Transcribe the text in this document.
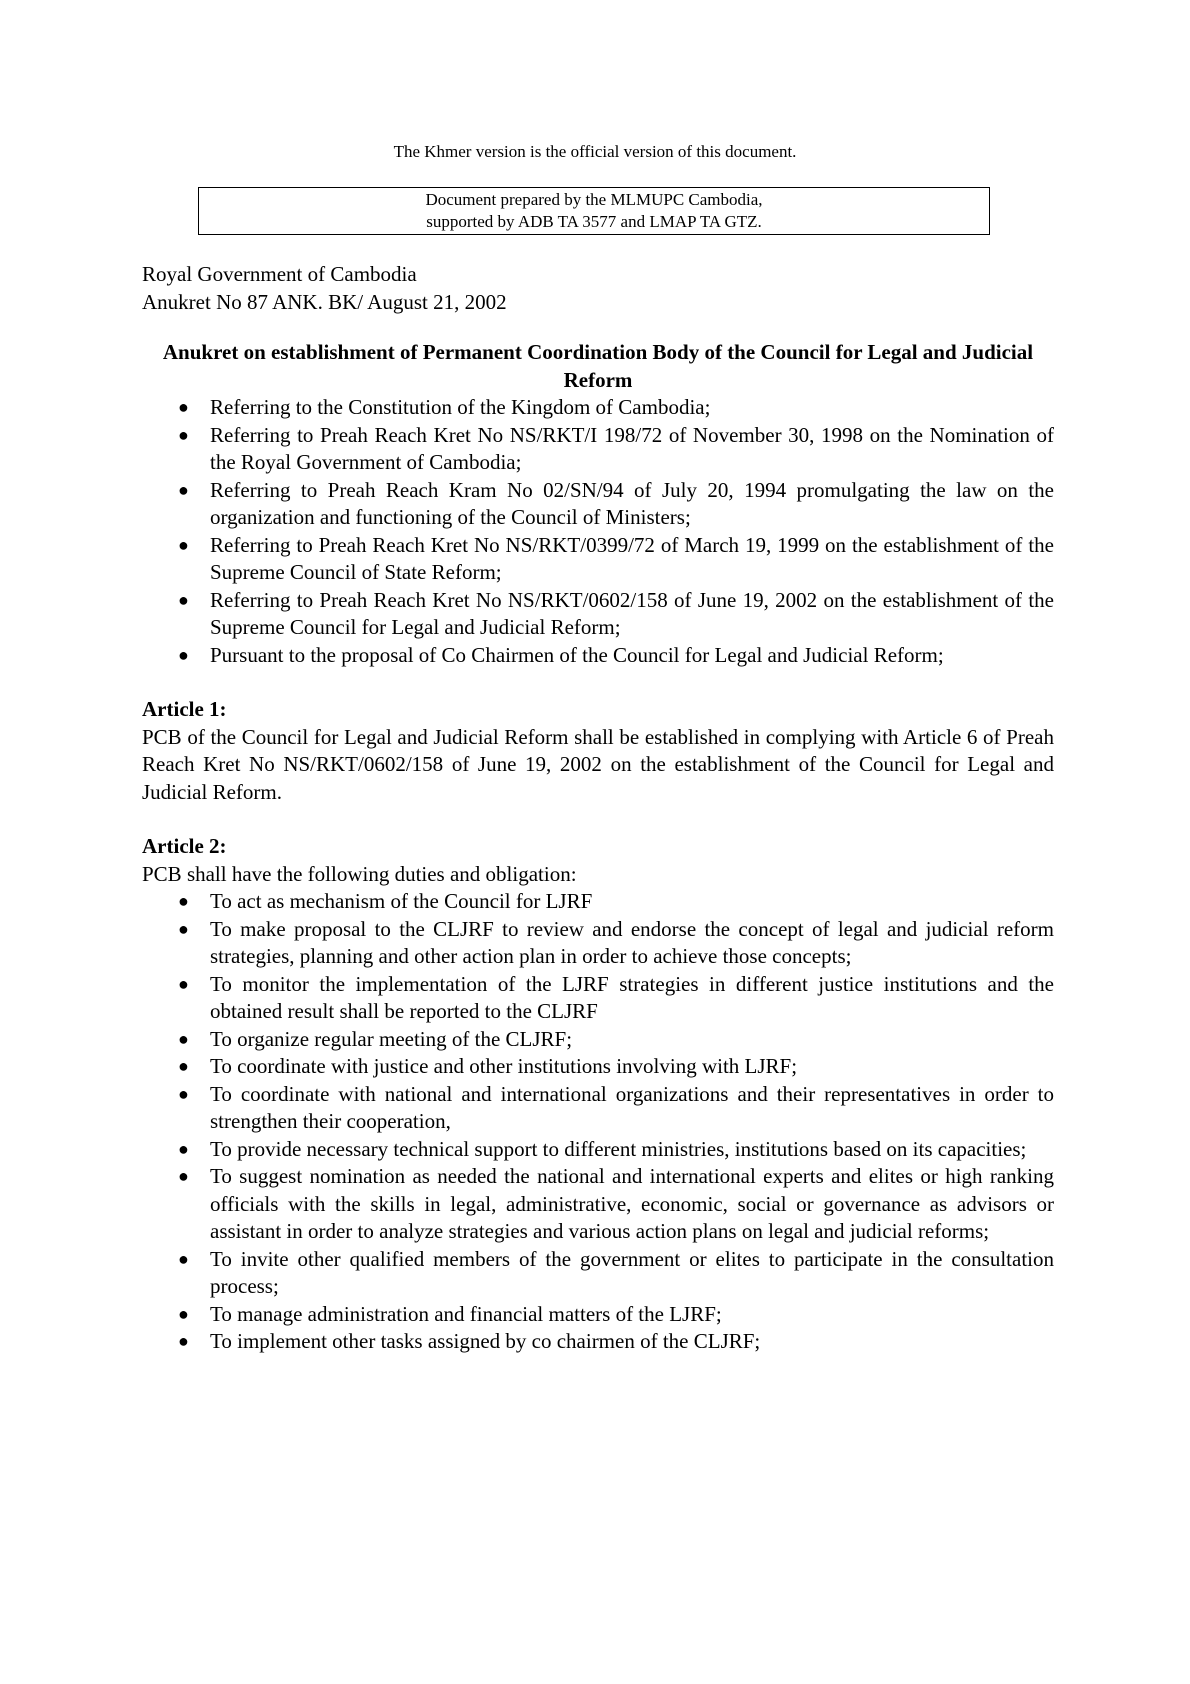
The Khmer version is the official version of this document.
Document prepared by the MLMUPC Cambodia,
supported by ADB TA 3577 and LMAP TA GTZ.
Royal Government of Cambodia
Anukret No 87 ANK. BK/ August 21, 2002
Anukret on establishment of Permanent Coordination Body of the Council for Legal and Judicial Reform
● Referring to the Constitution of the Kingdom of Cambodia;
● Referring to Preah Reach Kret No NS/RKT/I 198/72 of November 30, 1998 on the Nomination of the Royal Government of Cambodia;
● Referring to Preah Reach Kram No 02/SN/94 of July 20, 1994 promulgating the law on the organization and functioning of the Council of Ministers;
● Referring to Preah Reach Kret No NS/RKT/0399/72 of March 19, 1999 on the establishment of the Supreme Council of State Reform;
● Referring to Preah Reach Kret No NS/RKT/0602/158 of June 19, 2002 on the establishment of the Supreme Council for Legal and Judicial Reform;
● Pursuant to the proposal of Co Chairmen of the Council for Legal and Judicial Reform;
Article 1:
PCB of the Council for Legal and Judicial Reform shall be established in complying with Article 6 of Preah Reach Kret No NS/RKT/0602/158 of June 19, 2002 on the establishment of the Council for Legal and Judicial Reform.
Article 2:
PCB shall have the following duties and obligation:
● To act as mechanism of the Council for LJRF
● To make proposal to the CLJRF to review and endorse the concept of legal and judicial reform strategies, planning and other action plan in order to achieve those concepts;
● To monitor the implementation of the LJRF strategies in different justice institutions and the obtained result shall be reported to the CLJRF
● To organize regular meeting of the CLJRF;
● To coordinate with justice and other institutions involving with LJRF;
● To coordinate with national and international organizations and their representatives in order to strengthen their cooperation,
● To provide necessary technical support to different ministries, institutions based on its capacities;
● To suggest nomination as needed the national and international experts and elites or high ranking officials with the skills in legal, administrative, economic, social or governance as advisors or assistant in order to analyze strategies and various action plans on legal and judicial reforms;
● To invite other qualified members of the government or elites to participate in the consultation process;
● To manage administration and financial matters of the LJRF;
● To implement other tasks assigned by co chairmen of the CLJRF;
